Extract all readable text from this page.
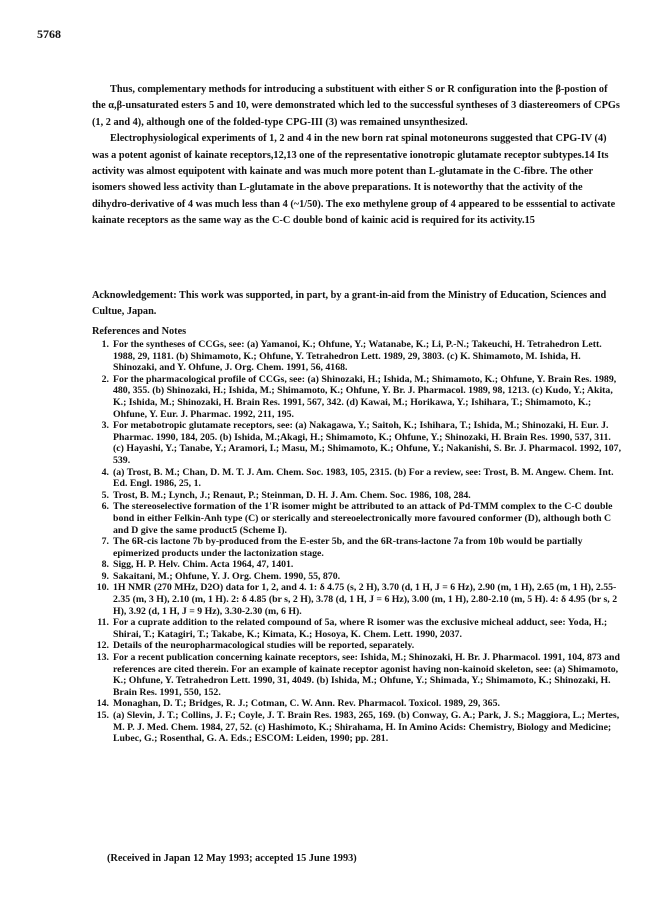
5768

Thus, complementary methods for introducing a substituent with either S or R configuration into the β-postion of the α,β-unsaturated esters 5 and 10, were demonstrated which led to the successful syntheses of 3 diastereomers of CPGs (1, 2 and 4), although one of the folded-type CPG-III (3) was remained unsynthesized.

Electrophysiological experiments of 1, 2 and 4 in the new born rat spinal motoneurons suggested that CPG-IV (4) was a potent agonist of kainate receptors,12,13 one of the representative ionotropic glutamate receptor subtypes.14 Its activity was almost equipotent with kainate and was much more potent than L-glutamate in the C-fibre. The other isomers showed less activity than L-glutamate in the above preparations. It is noteworthy that the activity of the dihydro-derivative of 4 was much less than 4 (~1/50). The exo methylene group of 4 appeared to be esssential to activate kainate receptors as the same way as the C-C double bond of kainic acid is required for its activity.15

Acknowledgement: This work was supported, in part, by a grant-in-aid from the Ministry of Education, Sciences and Cultue, Japan.
References and Notes
1. For the syntheses of CCGs, see: (a) Yamanoi, K.; Ohfune, Y.; Watanabe, K.; Li, P.-N.; Takeuchi, H. Tetrahedron Lett. 1988, 29, 1181. (b) Shimamoto, K.; Ohfune, Y. Tetrahedron Lett. 1989, 29, 3803. (c) K. Shimamoto, M. Ishida, H. Shinozaki, and Y. Ohfune, J. Org. Chem. 1991, 56, 4168.
2. For the pharmacological profile of CCGs, see: (a) Shinozaki, H.; Ishida, M.; Shimamoto, K.; Ohfune, Y. Brain Res. 1989, 480, 355. (b) Shinozaki, H.; Ishida, M.; Shimamoto, K.; Ohfune, Y. Br. J. Pharmacol. 1989, 98, 1213. (c) Kudo, Y.; Akita, K.; Ishida, M.; Shinozaki, H. Brain Res. 1991, 567, 342. (d) Kawai, M.; Horikawa, Y.; Ishihara, T.; Shimamoto, K.; Ohfune, Y. Eur. J. Pharmac. 1992, 211, 195.
3. For metabotropic glutamate receptors, see: (a) Nakagawa, Y.; Saitoh, K.; Ishihara, T.; Ishida, M.; Shinozaki, H. Eur. J. Pharmac. 1990, 184, 205. (b) Ishida, M.;Akagi, H.; Shimamoto, K.; Ohfune, Y.; Shinozaki, H. Brain Res. 1990, 537, 311. (c) Hayashi, Y.; Tanabe, Y.; Aramori, I.; Masu, M.; Shimamoto, K.; Ohfune, Y.; Nakanishi, S. Br. J. Pharmacol. 1992, 107, 539.
4. (a) Trost, B. M.; Chan, D. M. T. J. Am. Chem. Soc. 1983, 105, 2315. (b) For a review, see: Trost, B. M. Angew. Chem. Int. Ed. Engl. 1986, 25, 1.
5. Trost, B. M.; Lynch, J.; Renaut, P.; Steinman, D. H. J. Am. Chem. Soc. 1986, 108, 284.
6. The stereoselective formation of the 1'R isomer might be attributed to an attack of Pd-TMM complex to the C-C double bond in either Felkin-Anh type (C) or sterically and stereoelectronically more favoured conformer (D), although both C and D give the same product5 (Scheme I).
7. The 6R-cis lactone 7b by-produced from the E-ester 5b, and the 6R-trans-lactone 7a from 10b would be partially epimerized products under the lactonization stage.
8. Sigg, H. P. Helv. Chim. Acta 1964, 47, 1401.
9. Sakaitani, M.; Ohfune, Y. J. Org. Chem. 1990, 55, 870.
10. 1H NMR (270 MHz, D2O) data for 1, 2, and 4. 1: δ 4.75 (s, 2 H), 3.70 (d, 1 H, J = 6 Hz), 2.90 (m, 1 H), 2.65 (m, 1 H), 2.55-2.35 (m, 3 H), 2.10 (m, 1 H). 2: δ 4.85 (br s, 2 H), 3.78 (d, 1 H, J = 6 Hz), 3.00 (m, 1 H), 2.80-2.10 (m, 5 H). 4: δ 4.95 (br s, 2 H), 3.92 (d, 1 H, J = 9 Hz), 3.30-2.30 (m, 6 H).
11. For a cuprate addition to the related compound of 5a, where R isomer was the exclusive micheal adduct, see: Yoda, H.; Shirai, T.; Katagiri, T.; Takabe, K.; Kimata, K.; Hosoya, K. Chem. Lett. 1990, 2037.
12. Details of the neuropharmacological studies will be reported, separately.
13. For a recent publication concerning kainate receptors, see: Ishida, M.; Shinozaki, H. Br. J. Pharmacol. 1991, 104, 873 and references are cited therein. For an example of kainate receptor agonist having non-kainoid skeleton, see: (a) Shimamoto, K.; Ohfune, Y. Tetrahedron Lett. 1990, 31, 4049. (b) Ishida, M.; Ohfune, Y.; Shimada, Y.; Shimamoto, K.; Shinozaki, H. Brain Res. 1991, 550, 152.
14. Monaghan, D. T.; Bridges, R. J.; Cotman, C. W. Ann. Rev. Pharmacol. Toxicol. 1989, 29, 365.
15. (a) Slevin, J. T.; Collins, J. F.; Coyle, J. T. Brain Res. 1983, 265, 169. (b) Conway, G. A.; Park, J. S.; Maggiora, L.; Mertes, M. P. J. Med. Chem. 1984, 27, 52. (c) Hashimoto, K.; Shirahama, H. In Amino Acids: Chemistry, Biology and Medicine; Lubec, G.; Rosenthal, G. A. Eds.; ESCOM: Leiden, 1990; pp. 281.
(Received in Japan 12 May 1993; accepted 15 June 1993)
